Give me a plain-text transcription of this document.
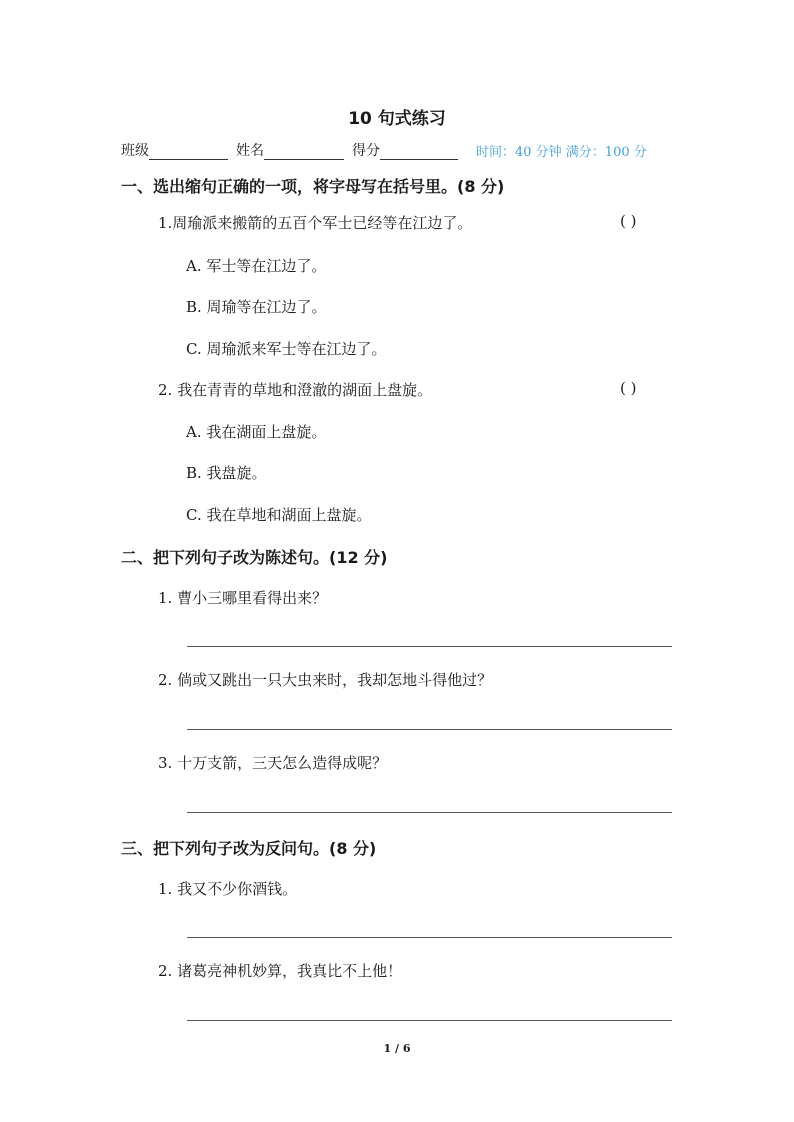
10 句式练习
班级	姓名	得分	时间：40 分钟 满分：100 分
一、选出缩句正确的一项，将字母写在括号里。(8 分)
1.周瑜派来搬箭的五百个军士已经等在江边了。	( )
A. 军士等在江边了。
B. 周瑜等在江边了。
C. 周瑜派来军士等在江边了。
2. 我在青青的草地和澄澈的湖面上盘旋。	( )
A. 我在湖面上盘旋。
B. 我盘旋。
C. 我在草地和湖面上盘旋。
二、把下列句子改为陈述句。(12 分)
1. 曹小三哪里看得出来？
2. 倘或又跳出一只大虫来时，我却怎地斗得他过？
3. 十万支箭，三天怎么造得成呢？
三、把下列句子改为反问句。(8 分)
1. 我又不少你酒钱。
2. 诸葛亮神机妙算，我真比不上他！
1 / 6
